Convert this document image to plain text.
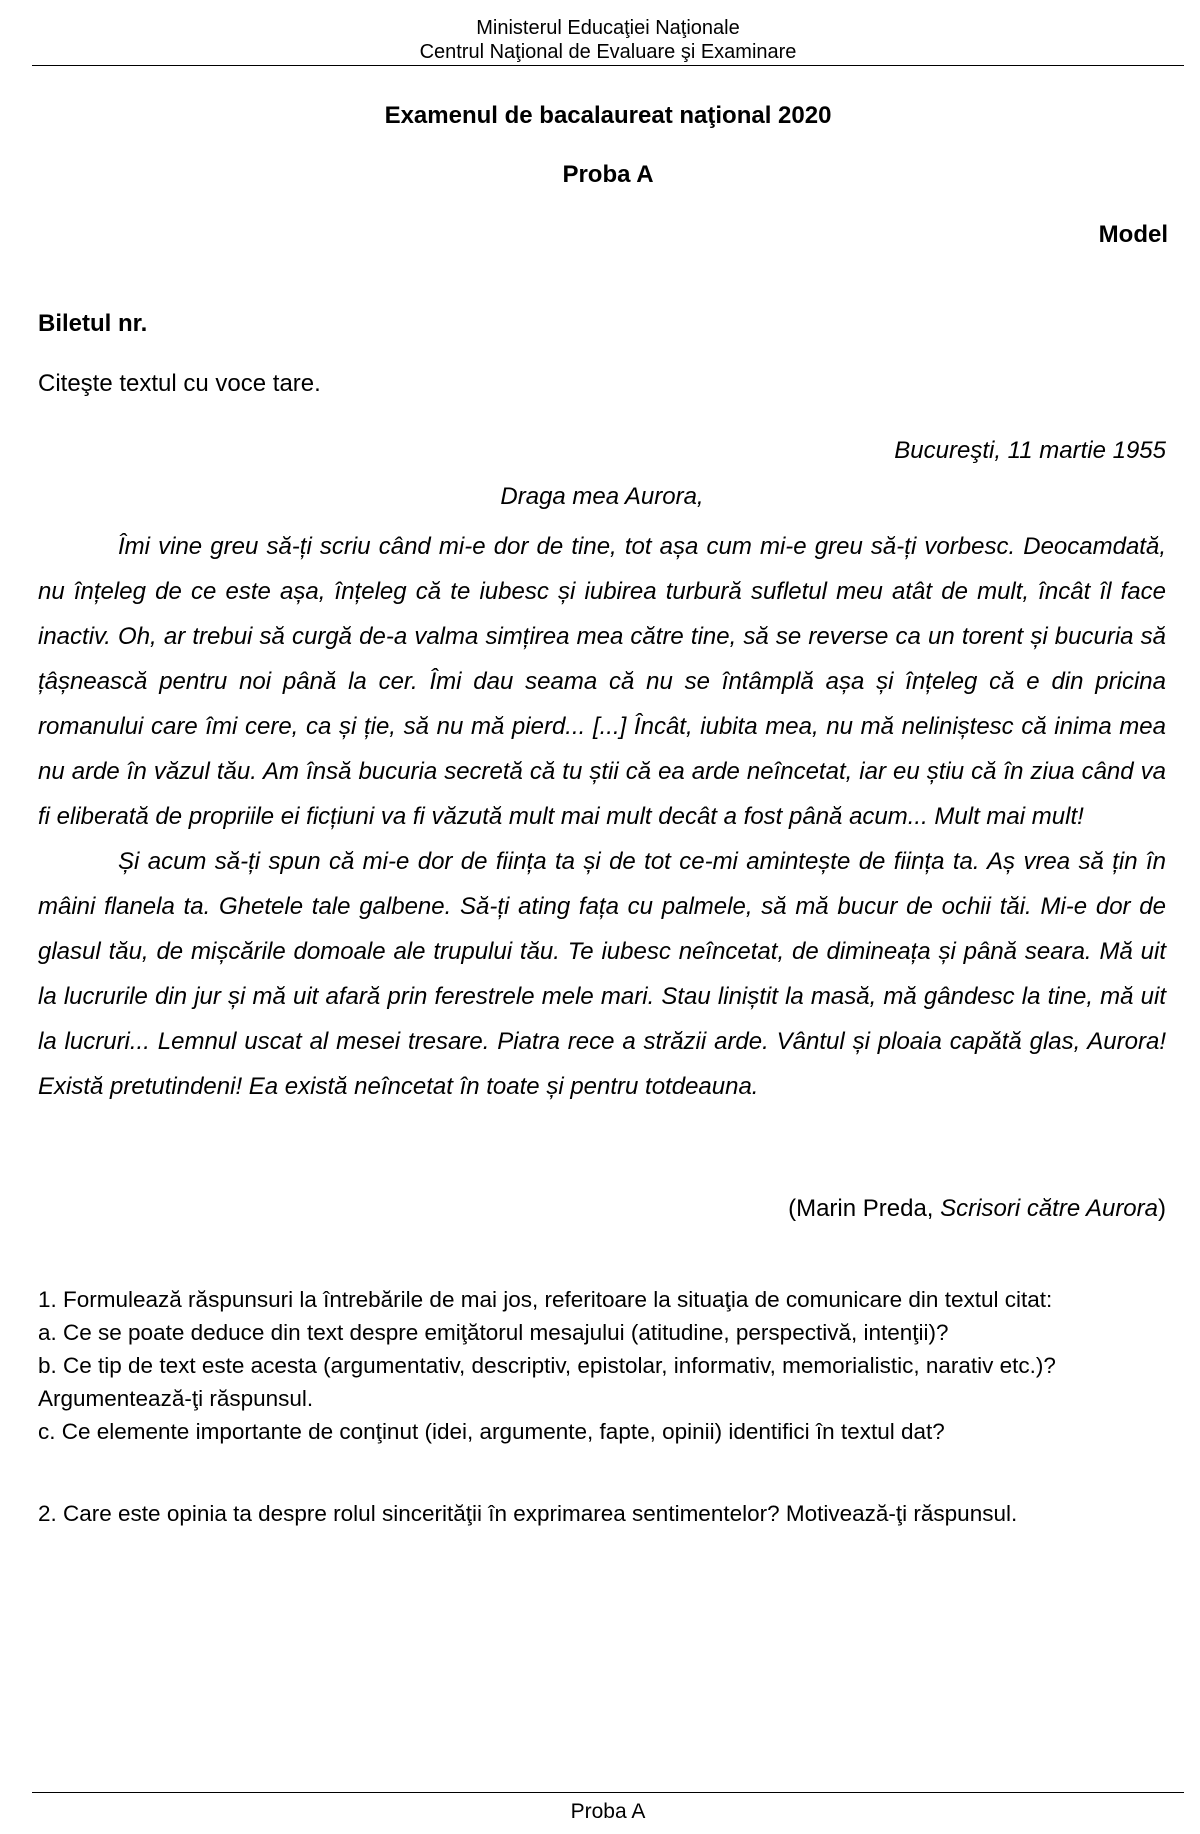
Ministerul Educaţiei Naţionale
Centrul Naţional de Evaluare şi Examinare
Examenul de bacalaureat naţional 2020
Proba A
Model
Biletul nr.
Citeşte textul cu voce tare.
Bucureşti, 11 martie 1955
Draga mea Aurora,

Îmi vine greu să-ți scriu când mi-e dor de tine, tot așa cum mi-e greu să-ți vorbesc. Deocamdată, nu înțeleg de ce este așa, înțeleg că te iubesc și iubirea turbură sufletul meu atât de mult, încât îl face inactiv. Oh, ar trebui să curgă de-a valma simțirea mea către tine, să se reverse ca un torent și bucuria să țâșnească pentru noi până la cer. Îmi dau seama că nu se întâmplă așa și înțeleg că e din pricina romanului care îmi cere, ca și ție, să nu mă pierd... [...] Încât, iubita mea, nu mă neliniștesc că inima mea nu arde în văzul tău. Am însă bucuria secretă că tu știi că ea arde neîncetat, iar eu știu că în ziua când va fi eliberată de propriile ei ficțiuni va fi văzută mult mai mult decât a fost până acum... Mult mai mult!

Și acum să-ți spun că mi-e dor de ființa ta și de tot ce-mi amintește de ființa ta. Aș vrea să țin în mâini flanela ta. Ghetele tale galbene. Să-ți ating fața cu palmele, să mă bucur de ochii tăi. Mi-e dor de glasul tău, de mișcările domoale ale trupului tău. Te iubesc neîncetat, de dimineața și până seara. Mă uit la lucrurile din jur și mă uit afară prin ferestrele mele mari. Stau liniștit la masă, mă gândesc la tine, mă uit la lucruri... Lemnul uscat al mesei tresare. Piatra rece a străzii arde. Vântul și ploaia capătă glas, Aurora! Există pretutindeni! Ea există neîncetat în toate și pentru totdeauna.

(Marin Preda, Scrisori către Aurora)
1. Formulează răspunsuri la întrebările de mai jos, referitoare la situaţia de comunicare din textul citat:
a. Ce se poate deduce din text despre emiţătorul mesajului (atitudine, perspectivă, intenţii)?
b. Ce tip de text este acesta (argumentativ, descriptiv, epistolar, informativ, memorialistic, narativ etc.)? Argumentează-ţi răspunsul.
c. Ce elemente importante de conţinut (idei, argumente, fapte, opinii) identifici în textul dat?
2. Care este opinia ta despre rolul sincerităţii în exprimarea sentimentelor? Motivează-ţi răspunsul.
Proba A
